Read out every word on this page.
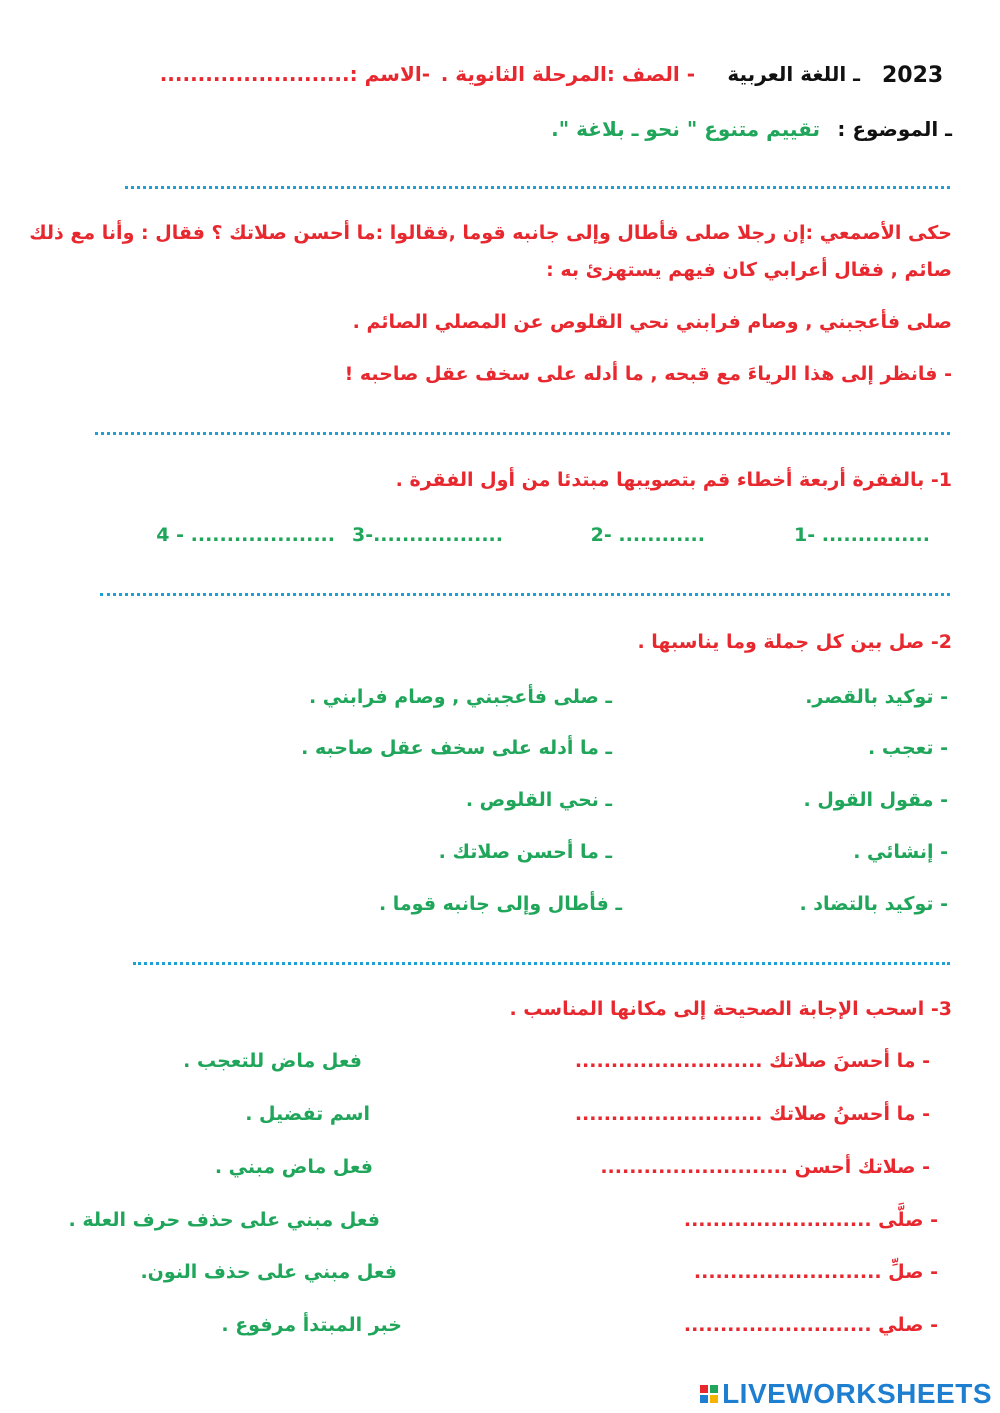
2023
ـ اللغة العربية
- الصف :المرحلة الثانوية .
-الاسم :.........................
ـ الموضوع :
تقييم متنوع " نحو ـ بلاغة ".
حكى الأصمعي :إن رجلا صلى فأطال وإلى جانبه قوما ,فقالوا :ما أحسن صلاتك ؟ فقال : وأنا مع ذلك
صائم , فقال أعرابي كان فيهم يستهزئ به :
صلى فأعجبني , وصام فرابني نحي القلوص عن المصلي الصائم .
- فانظر إلى هذا الرياءَ مع قبحه , ما أدله على سخف عقل صاحبه !
1- بالفقرة أربعة أخطاء قم بتصويبها مبتدئا من أول الفقرة .
1- ...............
2- ............
3-..................
4 - ....................
2- صل بين كل جملة وما يناسبها .
- توكيد بالقصر.
ـ صلى فأعجبني , وصام فرابني .
- تعجب .
ـ ما أدله على سخف عقل صاحبه .
- مقول القول .
ـ نحي القلوص .
- إنشائي .
ـ ما أحسن صلاتك .
- توكيد بالتضاد .
ـ فأطال وإلى جانبه قوما .
3- اسحب الإجابة الصحيحة إلى مكانها المناسب .
- ما أحسنَ صلاتك ..........................
فعل ماض للتعجب .
- ما أحسنُ صلاتك ..........................
اسم تفضيل .
- صلاتك أحسن ..........................
فعل ماض مبني .
- صلَّى ..........................
فعل مبني على حذف حرف العلة .
- صلِّ ..........................
فعل مبني على حذف النون.
- صلي ..........................
خبر المبتدأ مرفوع .
LIVEWORKSHEETS
